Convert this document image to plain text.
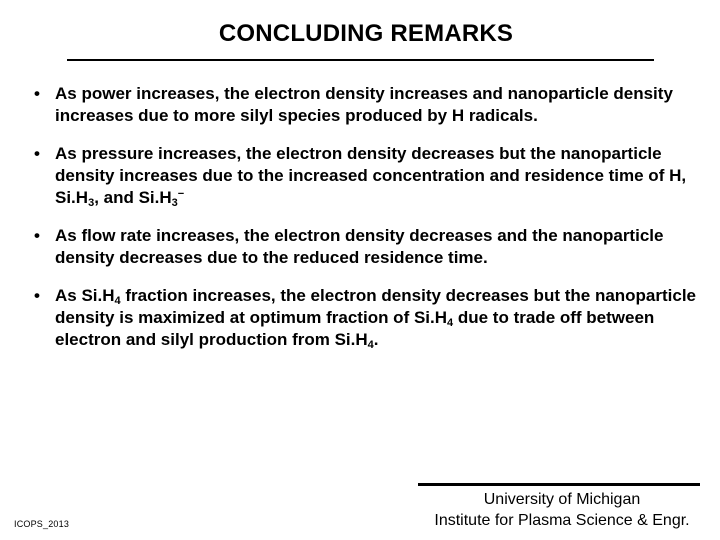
CONCLUDING REMARKS
• As power increases, the electron density increases and nanoparticle density increases due to more silyl species produced by H radicals.
• As pressure increases, the electron density decreases but the nanoparticle density increases due to the increased concentration and residence time of H, $Si.H_3$, and $Si.H_3^-$
• As flow rate increases, the electron density decreases and the nanoparticle density decreases due to the reduced residence time.
• As $Si.H_4$ fraction increases, the electron density decreases but the nanoparticle density is maximized at optimum fraction of $Si.H_4$ due to trade off between electron and silyl production from $Si.H_4$.
ICOPS_2013
University of Michigan
Institute for Plasma Science & Engr.
